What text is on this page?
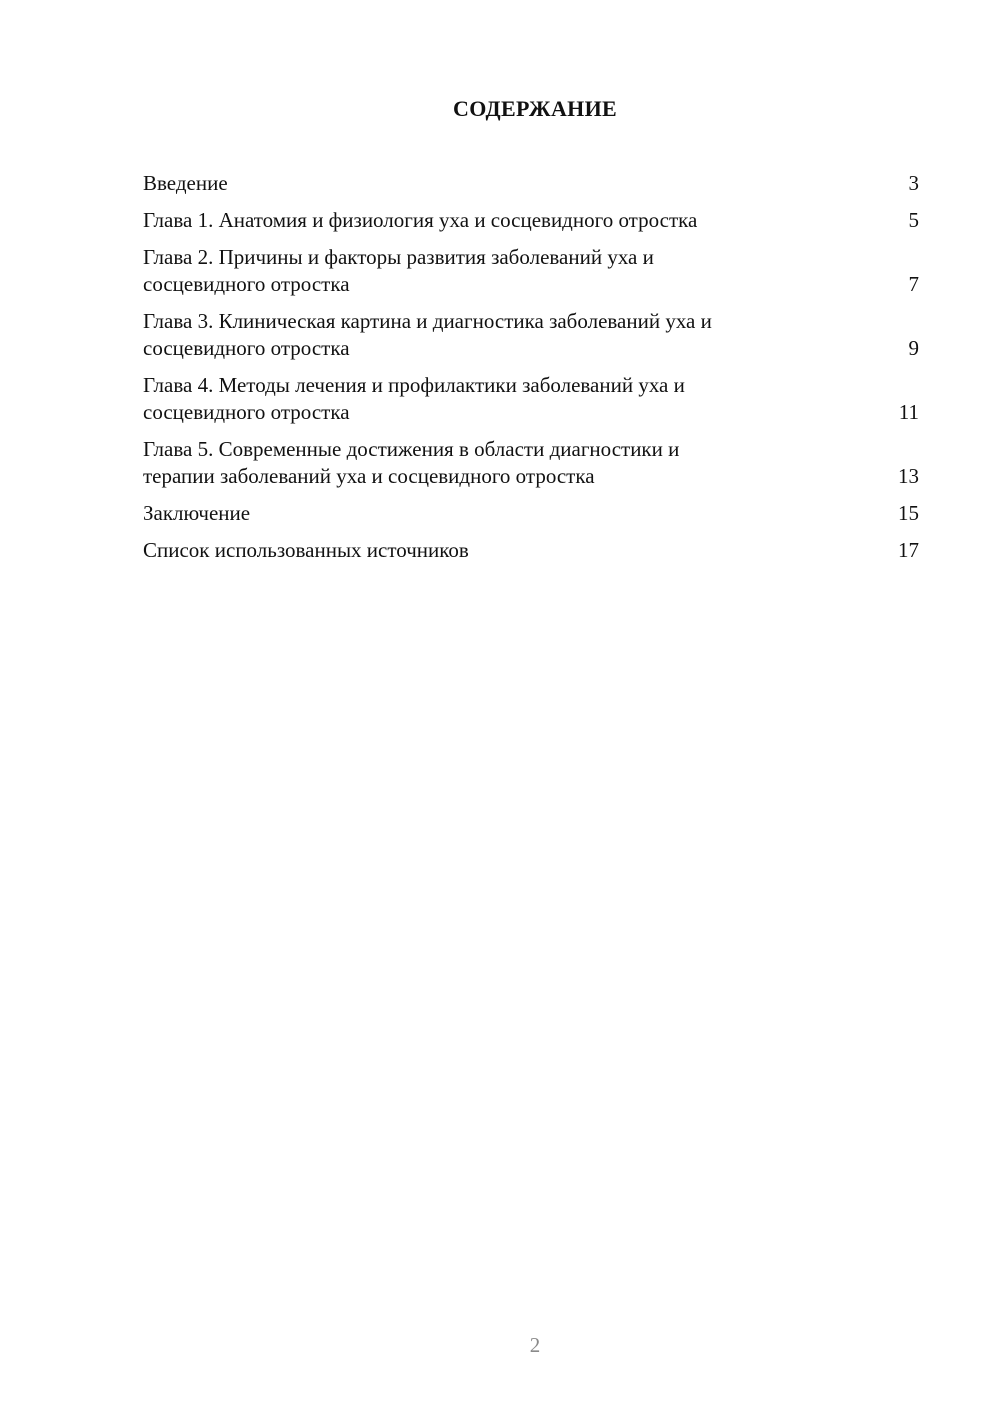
СОДЕРЖАНИЕ
Введение	3
Глава 1. Анатомия и физиология уха и сосцевидного отростка	5
Глава 2. Причины и факторы развития заболеваний уха и
сосцевидного отростка	7
Глава 3. Клиническая картина и диагностика заболеваний уха и
сосцевидного отростка	9
Глава 4. Методы лечения и профилактики заболеваний уха и
сосцевидного отростка	11
Глава 5. Современные достижения в области диагностики и
терапии заболеваний уха и сосцевидного отростка	13
Заключение	15
Список использованных источников	17
2
